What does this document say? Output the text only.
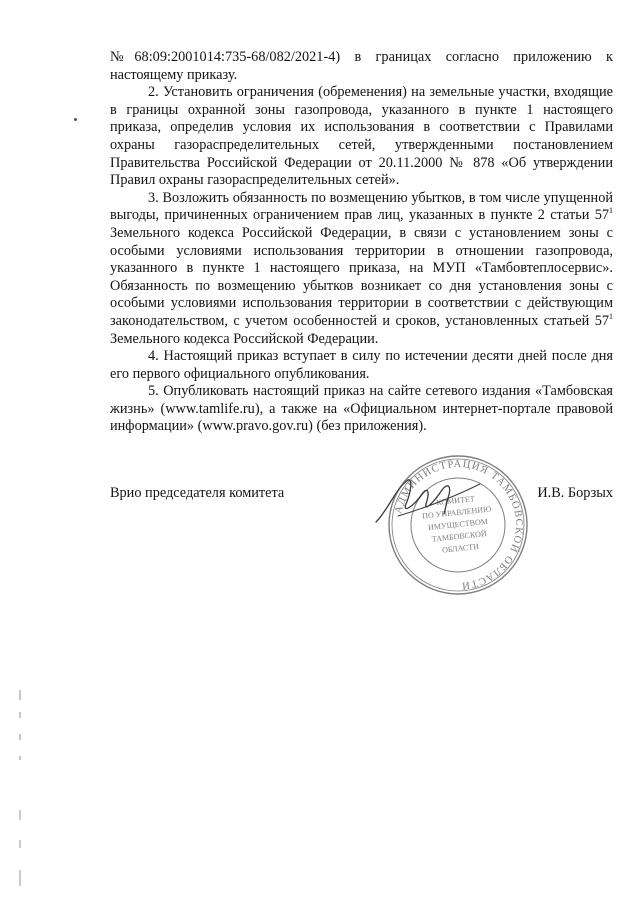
№68:09:2001014:735-68/082/2021-4) в границах согласно приложению к настоящему приказу.

2. Установить ограничения (обременения) на земельные участки, входящие в границы охранной зоны газопровода, указанного в пункте 1 настоящего приказа, определив условия их использования в соответствии с Правилами охраны газораспределительных сетей, утвержденными постановлением Правительства Российской Федерации от 20.11.2000 № 878 «Об утверждении Правил охраны газораспределительных сетей».

3. Возложить обязанность по возмещению убытков, в том числе упущенной выгоды, причиненных ограничением прав лиц, указанных в пункте 2 статьи $57^1$ Земельного кодекса Российской Федерации, в связи с установлением зоны с особыми условиями использования территории в отношении газопровода, указанного в пункте 1 настоящего приказа, на МУП «Тамбовтеплосервис». Обязанность по возмещению убытков возникает со дня установления зоны с особыми условиями использования территории в соответствии с действующим законодательством, с учетом особенностей и сроков, установленных статьей $57^1$ Земельного кодекса Российской Федерации.

4. Настоящий приказ вступает в силу по истечении десяти дней после дня его первого официального опубликования.

5. Опубликовать настоящий приказ на сайте сетевого издания «Тамбовская жизнь» (www.tamlife.ru), а также на «Официальном интернет-портале правовой информации» (www.pravo.gov.ru) (без приложения).

Врио председателя комитета	И.В. Борзых
АДМИНИСТРАЦИЯ ТАМБОВСКОЙ ОБЛАСТИ
КОМИТЕТ
ПО УПРАВЛЕНИЮ
ИМУЩЕСТВОМ
ТАМБОВСКОЙ
ОБЛАСТИ
